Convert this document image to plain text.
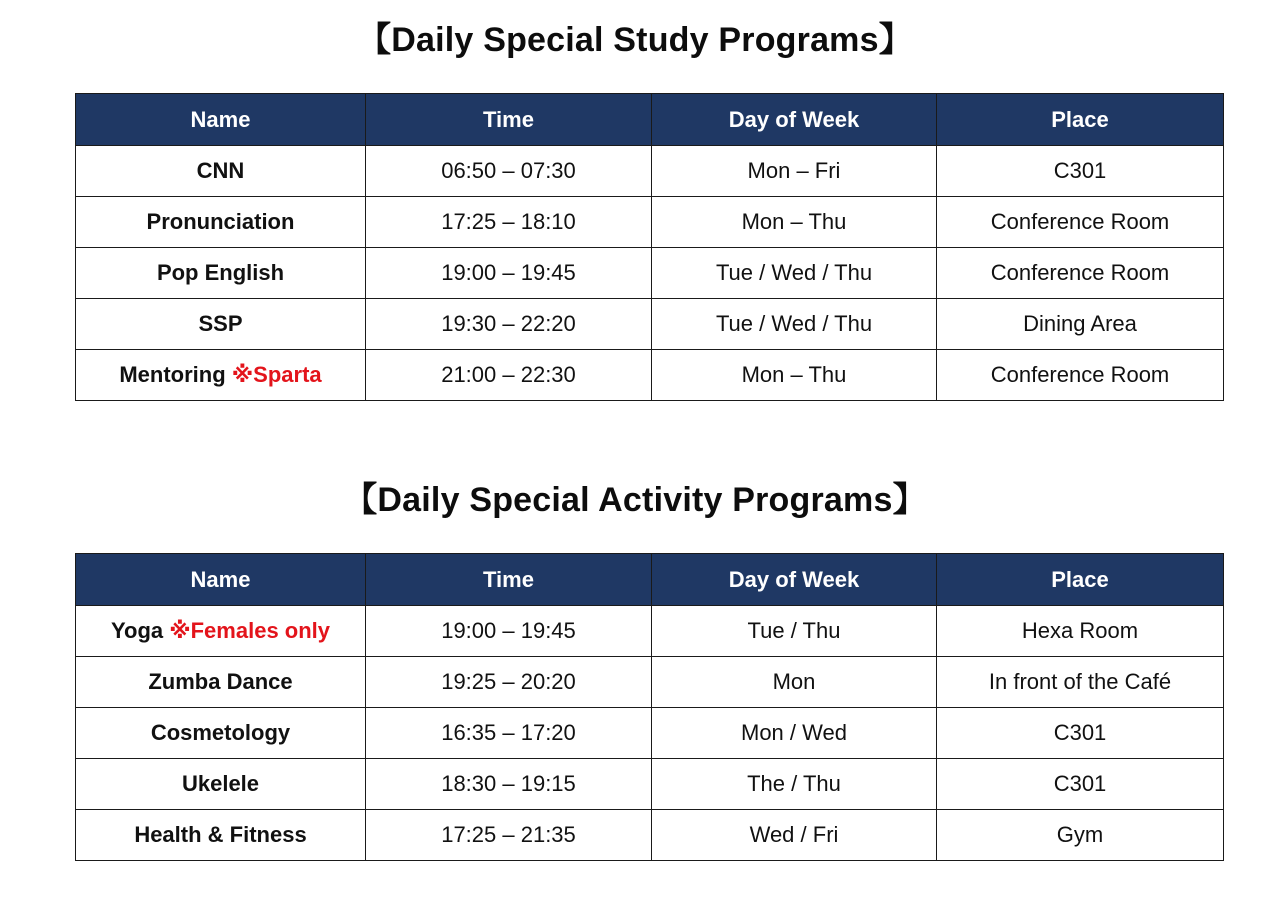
【Daily Special Study Programs】
Name	Time	Day of Week	Place
CNN	06:50 – 07:30	Mon – Fri	C301
Pronunciation	17:25 – 18:10	Mon – Thu	Conference Room
Pop English	19:00 – 19:45	Tue / Wed / Thu	Conference Room
SSP	19:30 – 22:20	Tue / Wed / Thu	Dining Area
Mentoring ※Sparta	21:00 – 22:30	Mon – Thu	Conference Room
【Daily Special Activity Programs】
Name	Time	Day of Week	Place
Yoga ※Females only	19:00 – 19:45	Tue / Thu	Hexa Room
Zumba Dance	19:25 – 20:20	Mon	In front of the Café
Cosmetology	16:35 – 17:20	Mon / Wed	C301
Ukelele	18:30 – 19:15	The / Thu	C301
Health & Fitness	17:25 – 21:35	Wed / Fri	Gym
